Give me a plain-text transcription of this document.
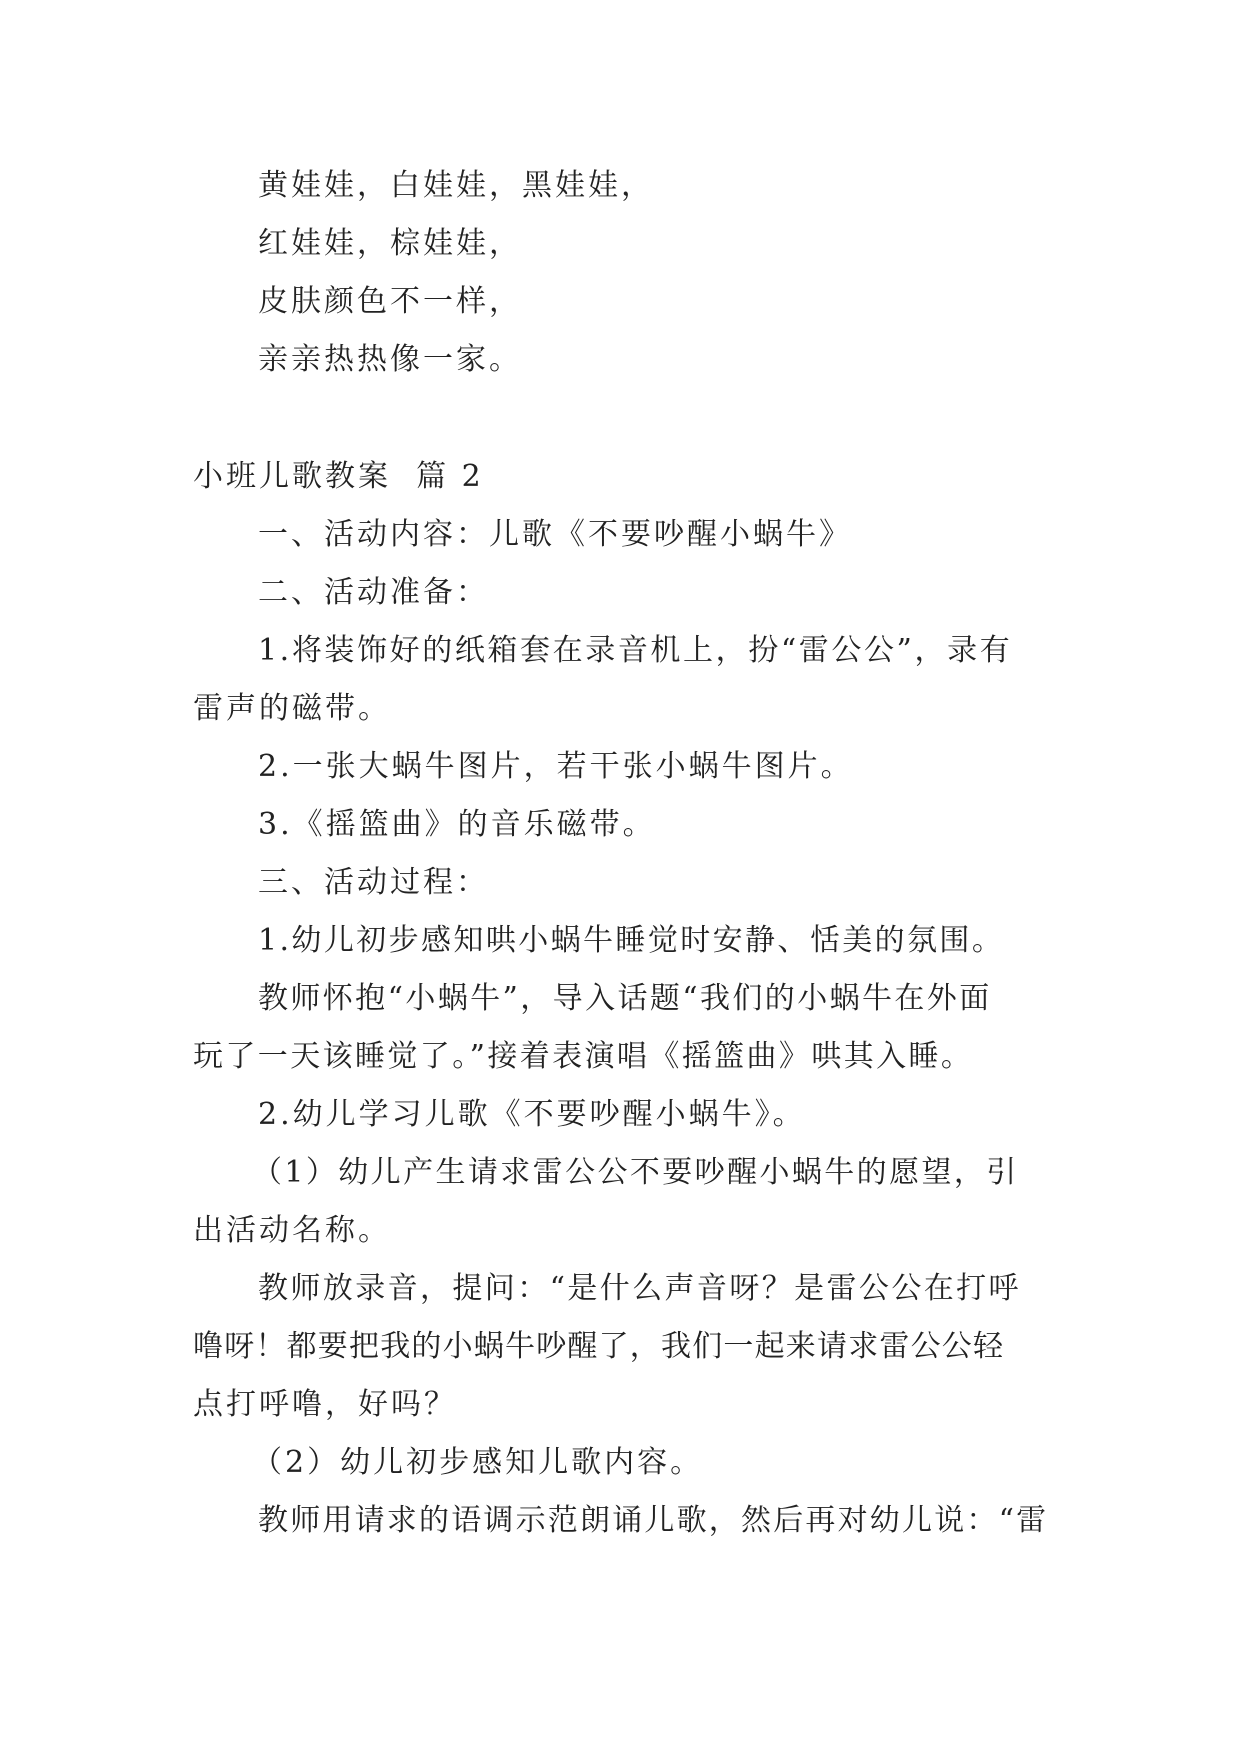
黄娃娃，白娃娃，黑娃娃，
红娃娃，棕娃娃，
皮肤颜色不一样，
亲亲热热像一家。
小班儿歌教案  篇 2
一、活动内容：儿歌《不要吵醒小蜗牛》
二、活动准备：
1.将装饰好的纸箱套在录音机上，扮“雷公公”，录有
雷声的磁带。
2.一张大蜗牛图片，若干张小蜗牛图片。
3.《摇篮曲》的音乐磁带。
三、活动过程：
1.幼儿初步感知哄小蜗牛睡觉时安静、恬美的氛围。
教师怀抱“小蜗牛”，导入话题“我们的小蜗牛在外面
玩了一天该睡觉了。”接着表演唱《摇篮曲》哄其入睡。
2.幼儿学习儿歌《不要吵醒小蜗牛》。
（1）幼儿产生请求雷公公不要吵醒小蜗牛的愿望，引
出活动名称。
教师放录音，提问：“是什么声音呀？是雷公公在打呼
噜呀！都要把我的小蜗牛吵醒了，我们一起来请求雷公公轻
点打呼噜，好吗？
（2）幼儿初步感知儿歌内容。
教师用请求的语调示范朗诵儿歌，然后再对幼儿说：“雷
